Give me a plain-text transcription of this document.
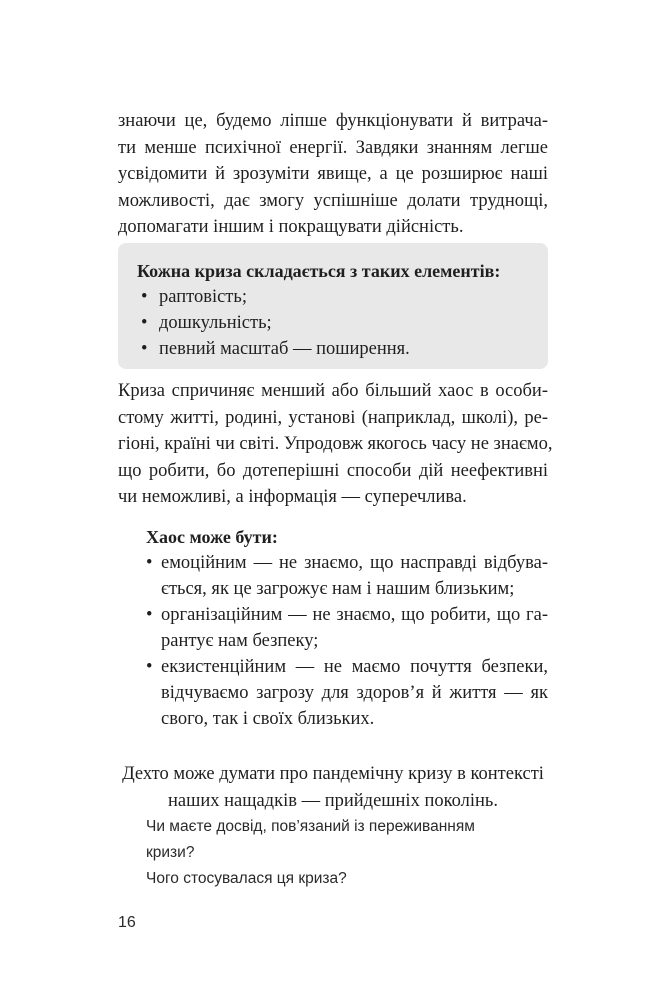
знаючи це, будемо ліпше функціонувати й витрача-
ти менше психічної енергії. Завдяки знанням легше
усвідомити й зрозуміти явище, а це розширює наші
можливості, дає змогу успішніше долати труднощі,
допомагати іншим і покращувати дійсність.

Кожна криза складається з таких елементів:
• раптовість;
• дошкульність;
• певний масштаб — поширення.

Криза спричиняє менший або більший хаос в особи-
стому житті, родині, установі (наприклад, школі), ре-
гіоні, країні чи світі. Упродовж якогось часу не знаємо,
що робити, бо дотеперішні способи дій неефективні
чи неможливі, а інформація — суперечлива.

Хаос може бути:
• емоційним — не знаємо, що насправді відбува-
ється, як це загрожує нам і нашим близьким;
• організаційним — не знаємо, що робити, що га-
рантує нам безпеку;
• екзистенційним — не маємо почуття безпеки,
відчуваємо загрозу для здоров’я й життя — як
свого, так і своїх близьких.

Дехто може думати про пандемічну кризу в контексті
наших нащадків — прийдешніх поколінь.

Чи маєте досвід, пов’язаний із переживанням
кризи?
Чого стосувалася ця криза?
16
